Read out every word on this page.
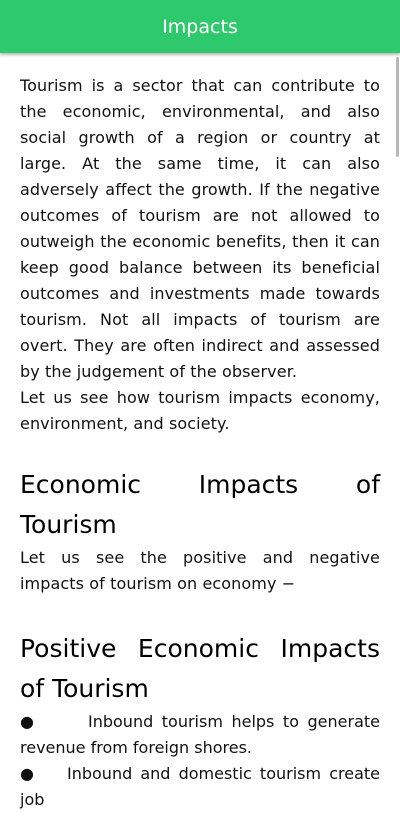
Impacts

Tourism is a sector that can contribute to the economic, environmental, and also social growth of a region or country at large. At the same time, it can also adversely affect the growth. If the negative outcomes of tourism are not allowed to outweigh the economic benefits, then it can keep good balance between its beneficial outcomes and investments made towards tourism. Not all impacts of tourism are overt. They are often indirect and assessed by the judgement of the observer.

Let us see how tourism impacts economy, environment, and society.

Economic Impacts of Tourism

Let us see the positive and negative impacts of tourism on economy −

Positive Economic Impacts of Tourism

●	Inbound tourism helps to generate revenue from foreign shores.

● Inbound and domestic tourism create job
